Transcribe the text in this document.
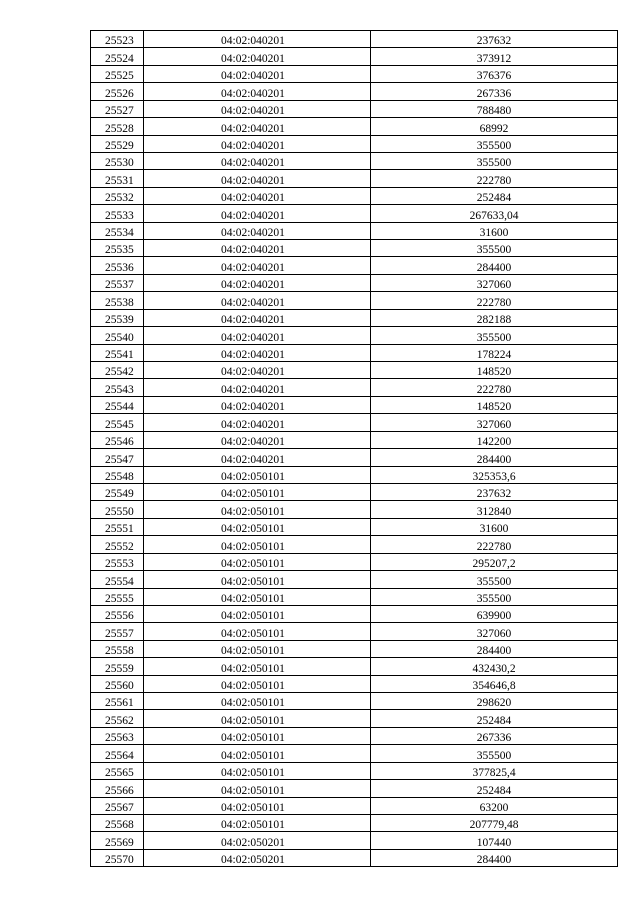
25523	04:02:040201	237632
25524	04:02:040201	373912
25525	04:02:040201	376376
25526	04:02:040201	267336
25527	04:02:040201	788480
25528	04:02:040201	68992
25529	04:02:040201	355500
25530	04:02:040201	355500
25531	04:02:040201	222780
25532	04:02:040201	252484
25533	04:02:040201	267633,04
25534	04:02:040201	31600
25535	04:02:040201	355500
25536	04:02:040201	284400
25537	04:02:040201	327060
25538	04:02:040201	222780
25539	04:02:040201	282188
25540	04:02:040201	355500
25541	04:02:040201	178224
25542	04:02:040201	148520
25543	04:02:040201	222780
25544	04:02:040201	148520
25545	04:02:040201	327060
25546	04:02:040201	142200
25547	04:02:040201	284400
25548	04:02:050101	325353,6
25549	04:02:050101	237632
25550	04:02:050101	312840
25551	04:02:050101	31600
25552	04:02:050101	222780
25553	04:02:050101	295207,2
25554	04:02:050101	355500
25555	04:02:050101	355500
25556	04:02:050101	639900
25557	04:02:050101	327060
25558	04:02:050101	284400
25559	04:02:050101	432430,2
25560	04:02:050101	354646,8
25561	04:02:050101	298620
25562	04:02:050101	252484
25563	04:02:050101	267336
25564	04:02:050101	355500
25565	04:02:050101	377825,4
25566	04:02:050101	252484
25567	04:02:050101	63200
25568	04:02:050101	207779,48
25569	04:02:050201	107440
25570	04:02:050201	284400
